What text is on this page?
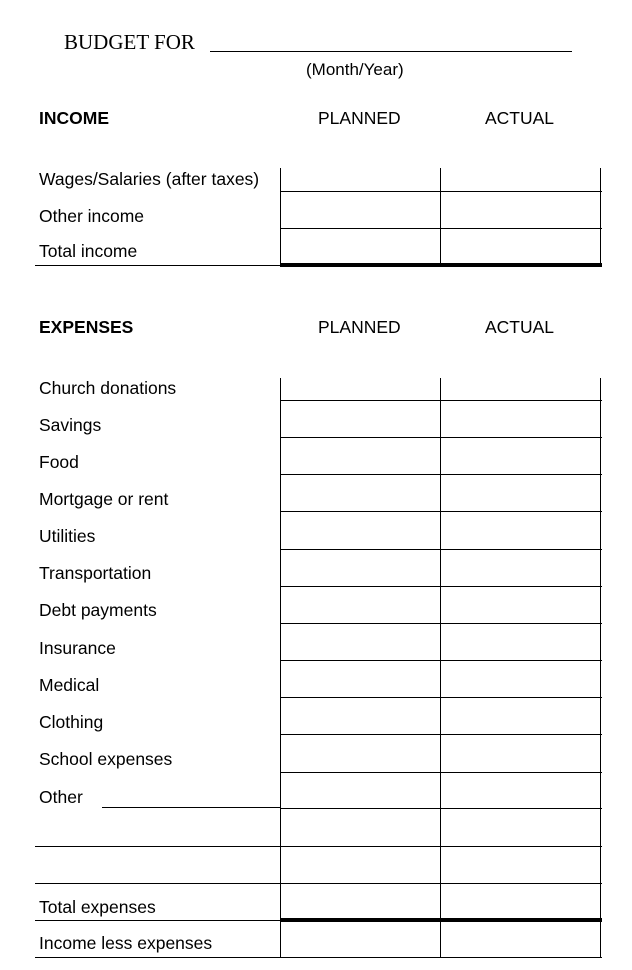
BUDGET FOR
(Month/Year)
INCOME	PLANNED	ACTUAL
Wages/Salaries (after taxes)
Other income
Total income
EXPENSES	PLANNED	ACTUAL
Church donations
Savings
Food
Mortgage or rent
Utilities
Transportation
Debt payments
Insurance
Medical
Clothing
School expenses
Other
Total expenses
Income less expenses
